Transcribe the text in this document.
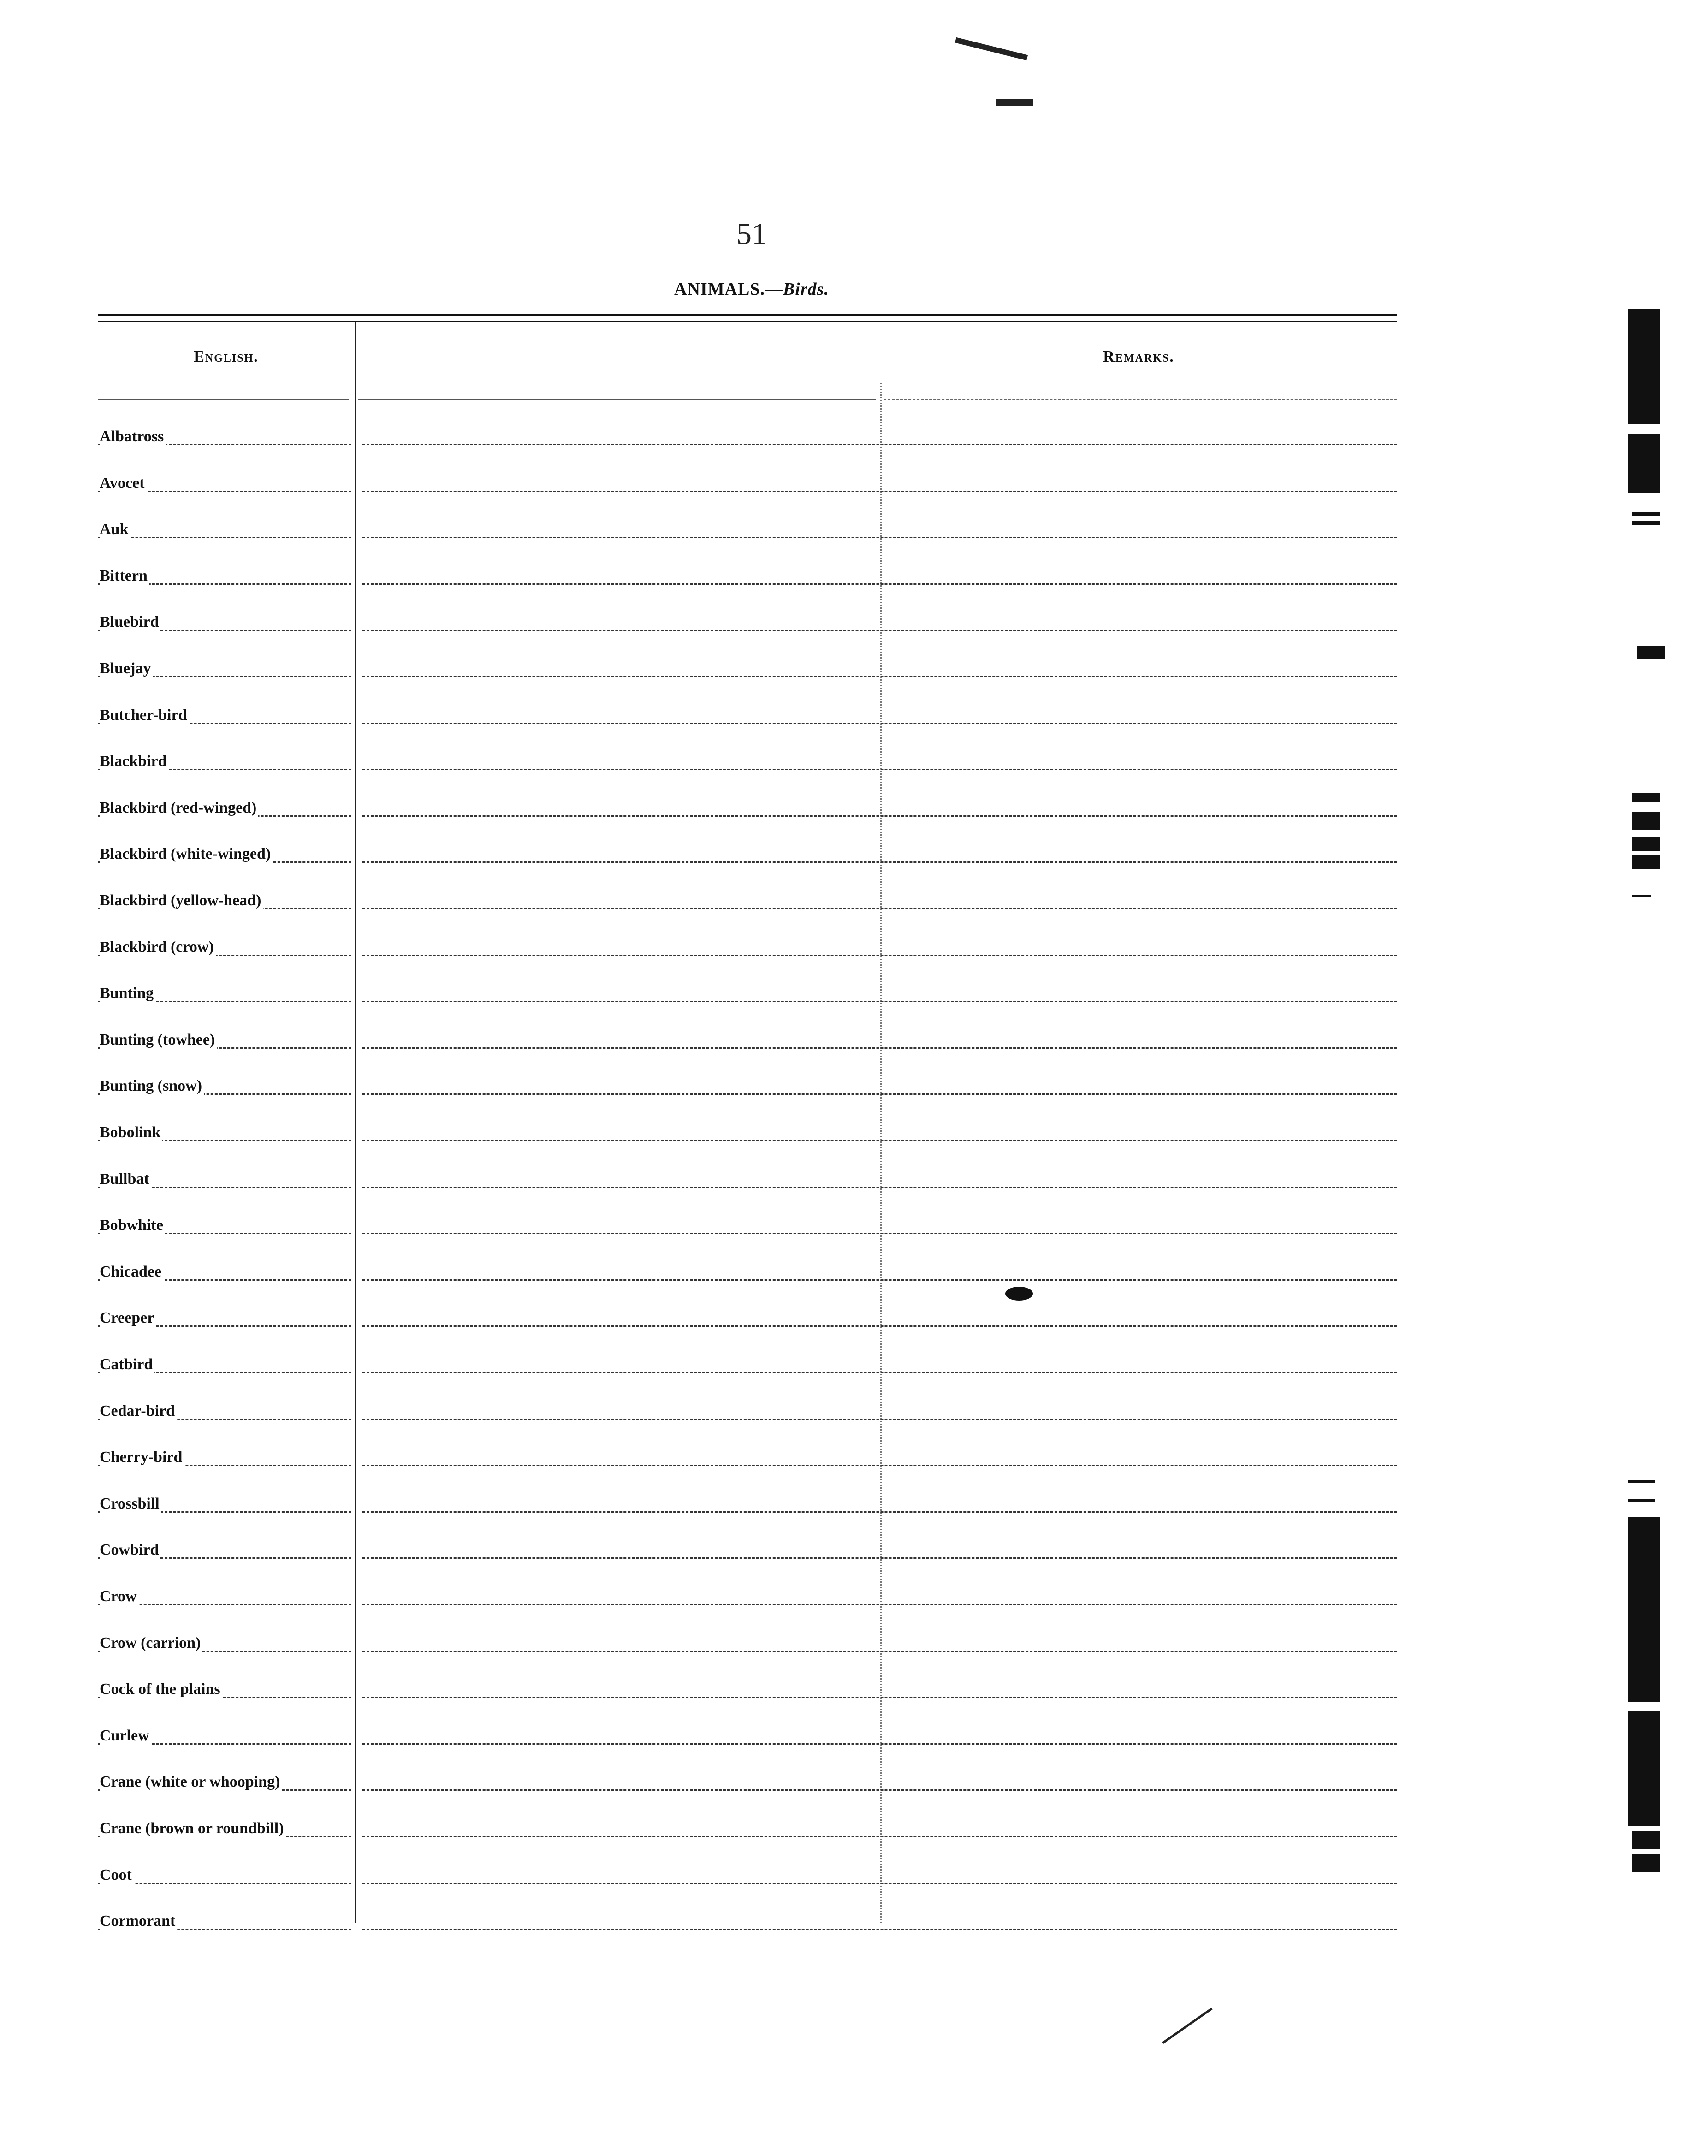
51
ANIMALS.—Birds.
English.	Remarks.
Albatross
Avocet
Auk
Bittern
Bluebird
Bluejay
Butcher-bird
Blackbird
Blackbird (red-winged)
Blackbird (white-winged)
Blackbird (yellow-head)
Blackbird (crow)
Bunting
Bunting (towhee)
Bunting (snow)
Bobolink
Bullbat
Bobwhite
Chicadee
Creeper
Catbird
Cedar-bird
Cherry-bird
Crossbill
Cowbird
Crow
Crow (carrion)
Cock of the plains
Curlew
Crane (white or whooping)
Crane (brown or roundbill)
Coot
Cormorant
